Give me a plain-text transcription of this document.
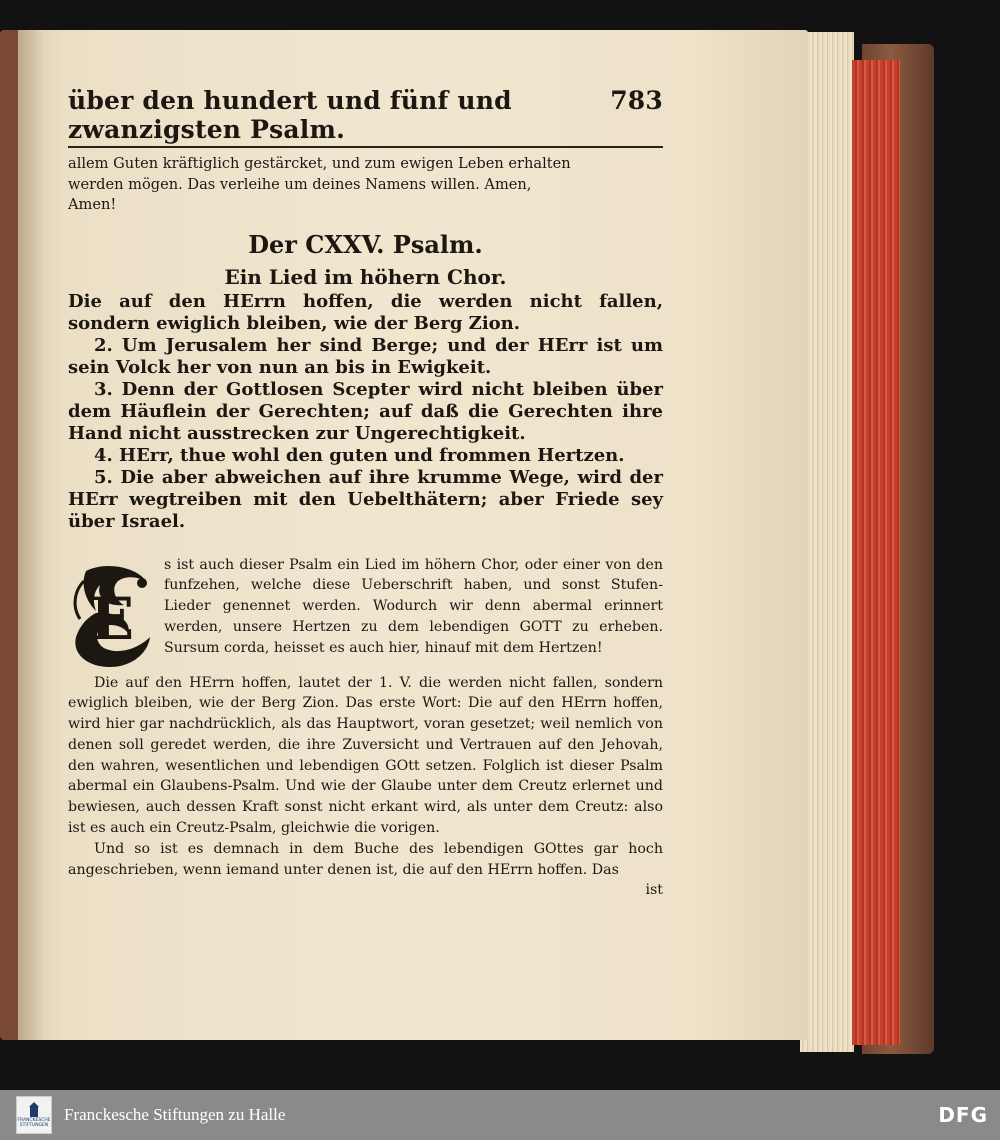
über den hundert und fünf und zwanzigsten Psalm.
783

allem Guten kräftiglich gestärcket, und zum ewigen Leben erhalten
werden mögen. Das verleihe um deines Namens willen. Amen,
Amen!

Der CXXV. Psalm.

Ein Lied im höhern Chor.

Die auf den HErrn hoffen, die werden nicht fallen, sondern ewiglich bleiben, wie der Berg Zion.

2. Um Jerusalem her sind Berge; und der HErr ist um sein Volck her von nun an bis in Ewigkeit.

3. Denn der Gottlosen Scepter wird nicht bleiben über dem Häuflein der Gerechten; auf daß die Gerechten ihre Hand nicht ausstrecken zur Ungerechtigkeit.

4. HErr, thue wohl den guten und frommen Hertzen.

5. Die aber abweichen auf ihre krumme Wege, wird der HErr wegtreiben mit den Uebelthätern; aber Friede sey über Israel.

E

s ist auch dieser Psalm ein Lied im höhern Chor, oder einer von den funfzehen, welche diese Ueberschrift haben, und sonst Stufen-Lieder genennet werden. Wodurch wir denn abermal erinnert werden, unsere Hertzen zu dem lebendigen GOTT zu erheben. Sursum corda, heisset es auch hier, hinauf mit dem Hertzen!

Die auf den HErrn hoffen, lautet der 1. V. die werden nicht fallen, sondern ewiglich bleiben, wie der Berg Zion. Das erste Wort: Die auf den HErrn hoffen, wird hier gar nachdrücklich, als das Hauptwort, voran gesetzet; weil nemlich von denen soll geredet werden, die ihre Zuversicht und Vertrauen auf den Jehovah, den wahren, wesentlichen und lebendigen GOtt setzen. Folglich ist dieser Psalm abermal ein Glaubens-Psalm. Und wie der Glaube unter dem Creutz erlernet und bewiesen, auch dessen Kraft sonst nicht erkant wird, als unter dem Creutz: also ist es auch ein Creutz-Psalm, gleichwie die vorigen.

Und so ist es demnach in dem Buche des lebendigen GOttes gar hoch angeschrieben, wenn iemand unter denen ist, die auf den HErrn hoffen. Das

ist

FRANCKESCHE
STIFTUNGEN
Franckesche Stiftungen zu Halle	DFG
